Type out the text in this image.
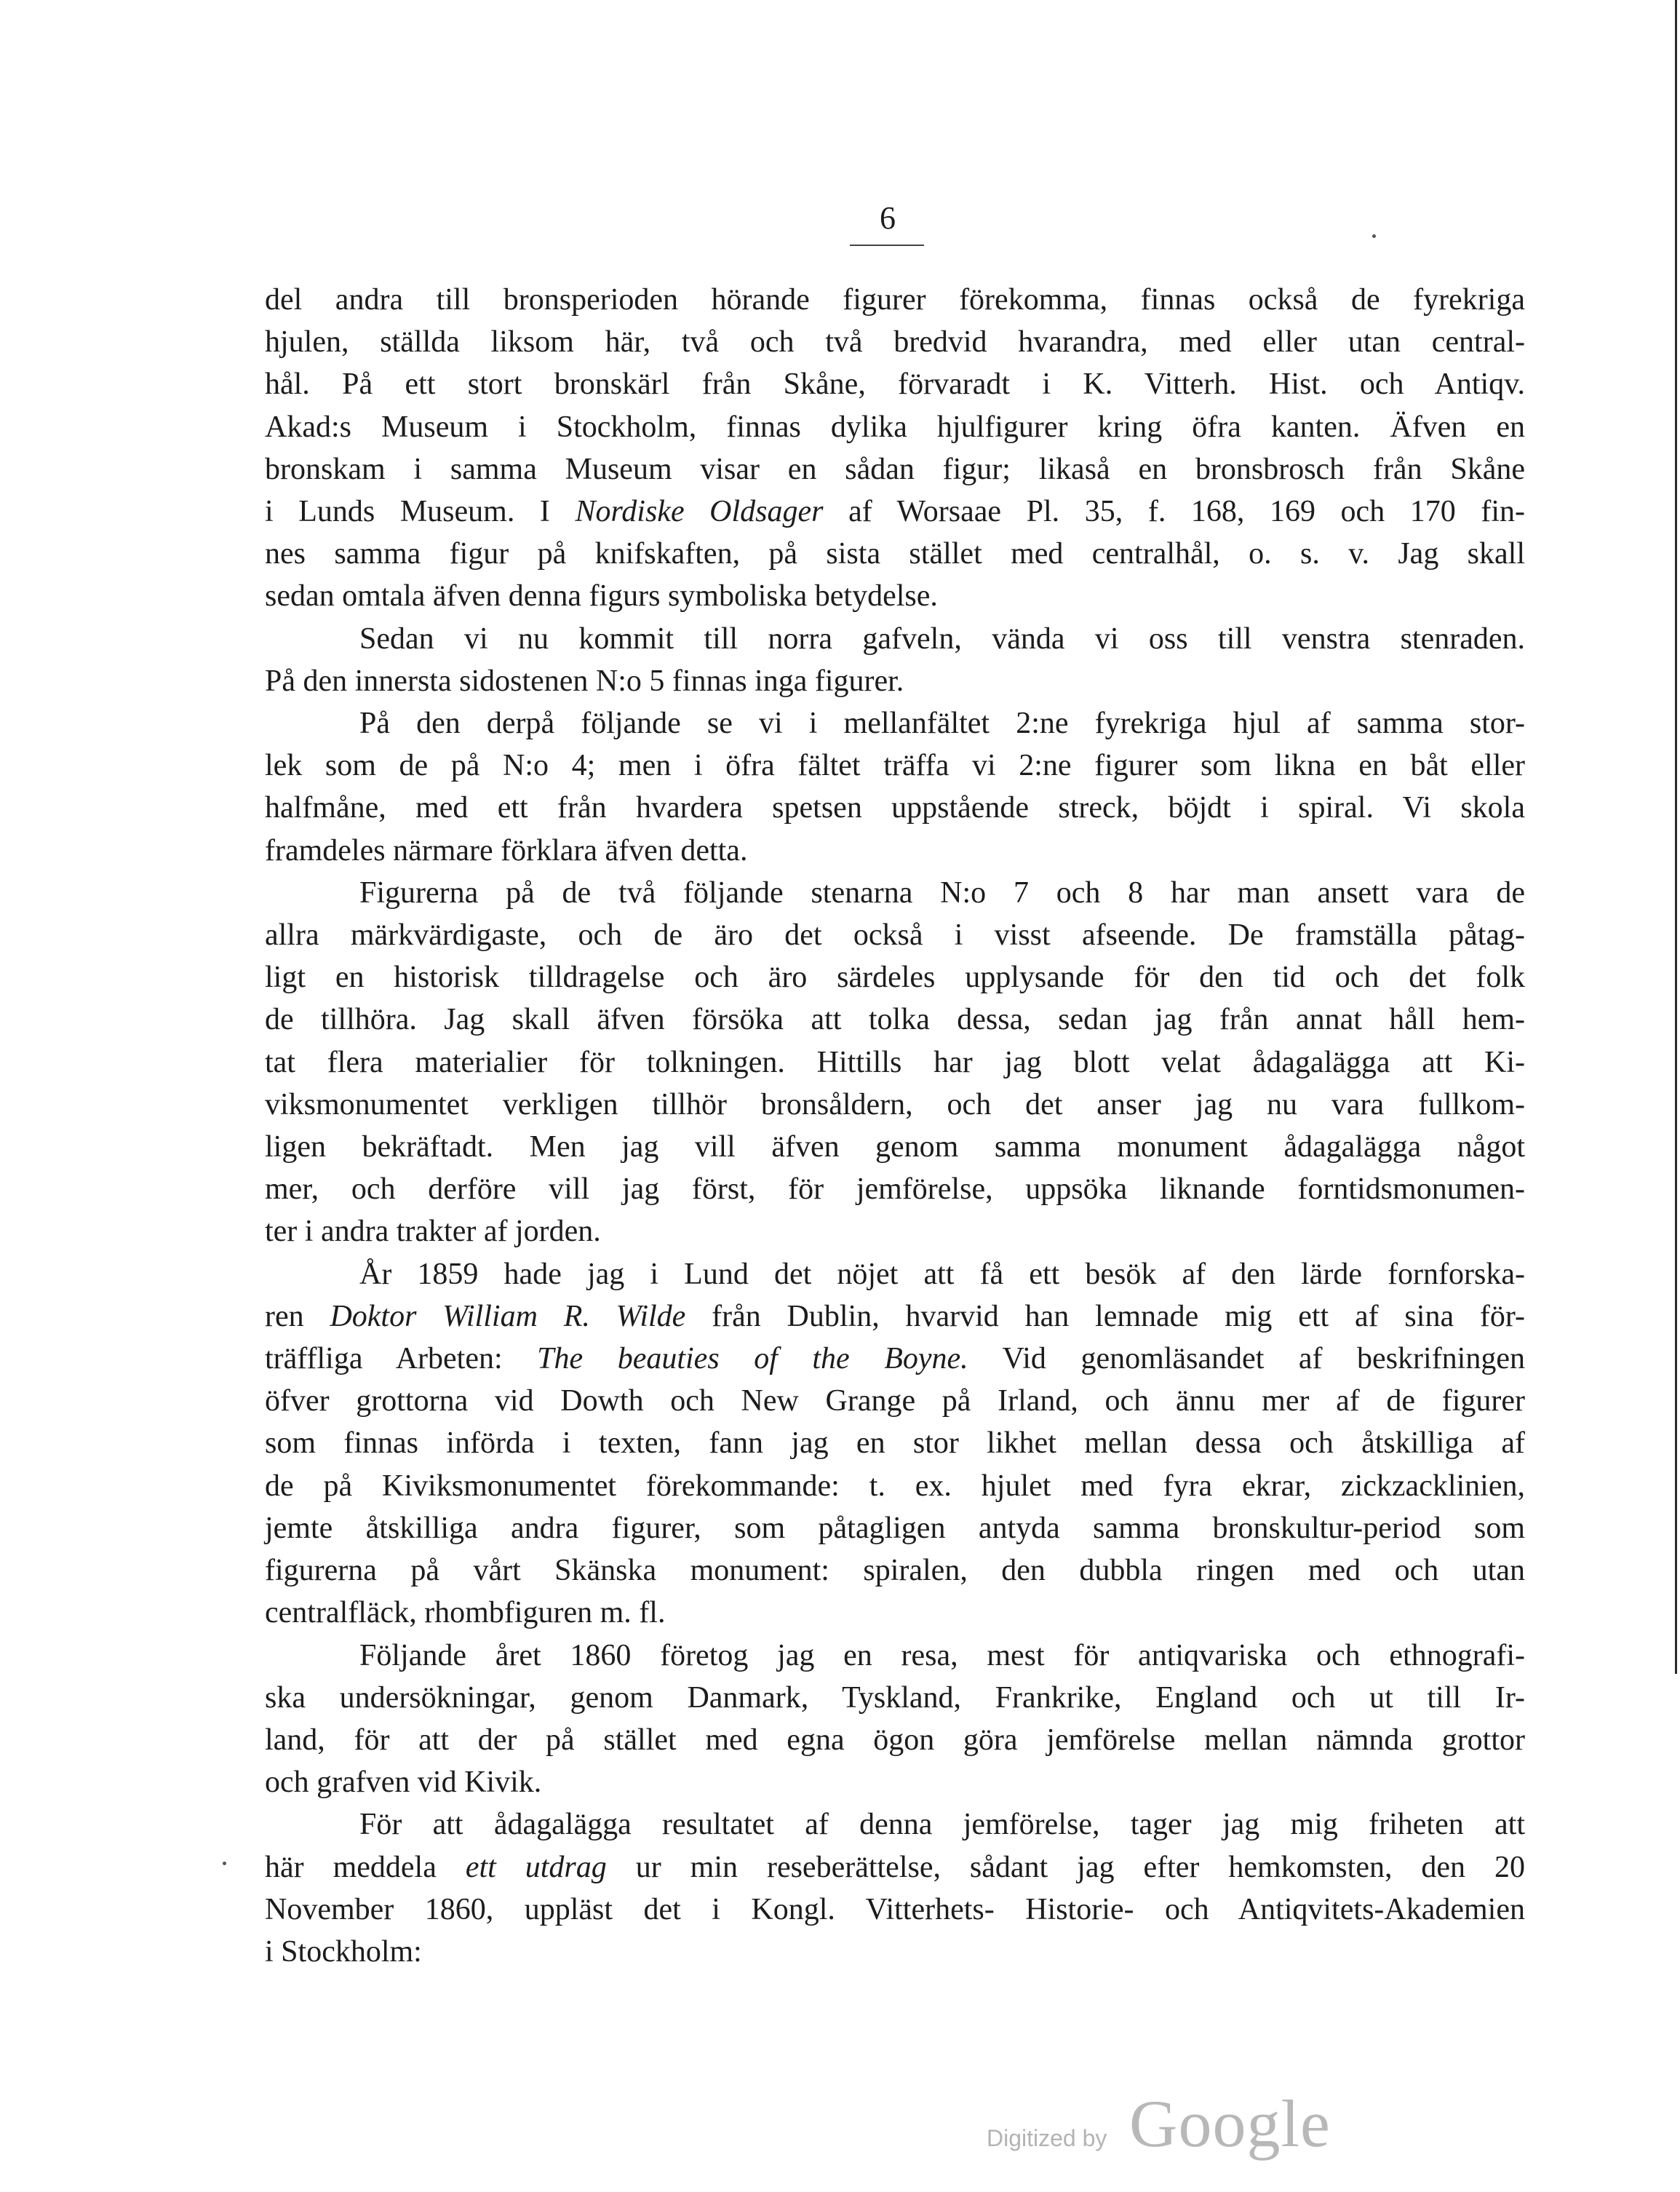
6
del andra till bronsperioden hörande figurer förekomma, finnas också de fyrekriga
hjulen, ställda liksom här, två och två bredvid hvarandra, med eller utan central-
hål. På ett stort bronskärl från Skåne, förvaradt i K. Vitterh. Hist. och Antiqv.
Akad:s Museum i Stockholm, finnas dylika hjulfigurer kring öfra kanten. Äfven en
bronskam i samma Museum visar en sådan figur; likaså en bronsbrosch från Skåne
i Lunds Museum. I Nordiske Oldsager af Worsaae Pl. 35, f. 168, 169 och 170 fin-
nes samma figur på knifskaften, på sista stället med centralhål, o. s. v. Jag skall
sedan omtala äfven denna figurs symboliska betydelse.
Sedan vi nu kommit till norra gafveln, vända vi oss till venstra stenraden.
På den innersta sidostenen N:o 5 finnas inga figurer.
På den derpå följande se vi i mellanfältet 2:ne fyrekriga hjul af samma stor-
lek som de på N:o 4; men i öfra fältet träffa vi 2:ne figurer som likna en båt eller
halfmåne, med ett från hvardera spetsen uppstående streck, böjdt i spiral. Vi skola
framdeles närmare förklara äfven detta.
Figurerna på de två följande stenarna N:o 7 och 8 har man ansett vara de
allra märkvärdigaste, och de äro det också i visst afseende. De framställa påtag-
ligt en historisk tilldragelse och äro särdeles upplysande för den tid och det folk
de tillhöra. Jag skall äfven försöka att tolka dessa, sedan jag från annat håll hem-
tat flera materialier för tolkningen. Hittills har jag blott velat ådagalägga att Ki-
viksmonumentet verkligen tillhör bronsåldern, och det anser jag nu vara fullkom-
ligen bekräftadt. Men jag vill äfven genom samma monument ådagalägga något
mer, och derföre vill jag först, för jemförelse, uppsöka liknande forntidsmonumen-
ter i andra trakter af jorden.
År 1859 hade jag i Lund det nöjet att få ett besök af den lärde fornforska-
ren Doktor William R. Wilde från Dublin, hvarvid han lemnade mig ett af sina för-
träffliga Arbeten: The beauties of the Boyne. Vid genomläsandet af beskrifningen
öfver grottorna vid Dowth och New Grange på Irland, och ännu mer af de figurer
som finnas införda i texten, fann jag en stor likhet mellan dessa och åtskilliga af
de på Kiviksmonumentet förekommande: t. ex. hjulet med fyra ekrar, zickzacklinien,
jemte åtskilliga andra figurer, som påtagligen antyda samma bronskultur-period som
figurerna på vårt Skänska monument: spiralen, den dubbla ringen med och utan
centralfläck, rhombfiguren m. fl.
Följande året 1860 företog jag en resa, mest för antiqvariska och ethnografi-
ska undersökningar, genom Danmark, Tyskland, Frankrike, England och ut till Ir-
land, för att der på stället med egna ögon göra jemförelse mellan nämnda grottor
och grafven vid Kivik.
För att ådagalägga resultatet af denna jemförelse, tager jag mig friheten att
här meddela ett utdrag ur min reseberättelse, sådant jag efter hemkomsten, den 20
November 1860, uppläst det i Kongl. Vitterhets- Historie- och Antiqvitets-Akademien
i Stockholm:
Digitized by Google
